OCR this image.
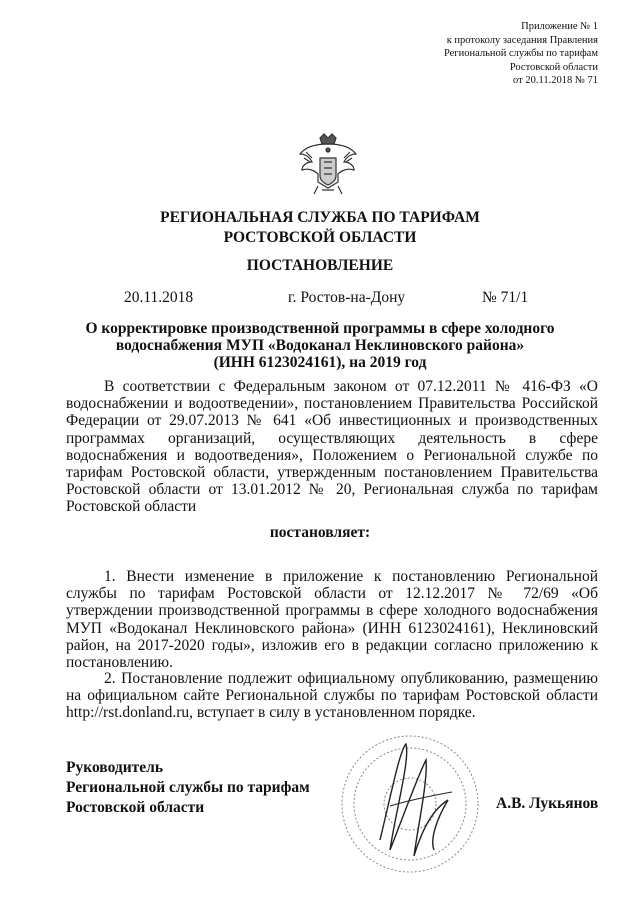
Приложение № 1
к протоколу заседания Правления
Региональной службы по тарифам
Ростовской области
от 20.11.2018 № 71
РЕГИОНАЛЬНАЯ СЛУЖБА ПО ТАРИФАМ
РОСТОВСКОЙ ОБЛАСТИ
ПОСТАНОВЛЕНИЕ
20.11.2018	г. Ростов-на-Дону	№ 71/1
О корректировке производственной программы в сфере холодного
водоснабжения МУП «Водоканал Неклиновского района»
(ИНН 6123024161), на 2019 год
В соответствии с Федеральным законом от 07.12.2011 № 416-ФЗ «О водоснабжении и водоотведении», постановлением Правительства Российской Федерации от 29.07.2013 № 641 «Об инвестиционных и производственных программах организаций, осуществляющих деятельность в сфере водоснабжения и водоотведения», Положением о Региональной службе по тарифам Ростовской области, утвержденным постановлением Правительства Ростовской области от 13.01.2012 № 20, Региональная служба по тарифам Ростовской области
постановляет:
1. Внести изменение в приложение к постановлению Региональной службы по тарифам Ростовской области от 12.12.2017 № 72/69 «Об утверждении производственной программы в сфере холодного водоснабжения МУП «Водоканал Неклиновского района» (ИНН 6123024161), Неклиновский район, на 2017-2020 годы», изложив его в редакции согласно приложению к постановлению.
2. Постановление подлежит официальному опубликованию, размещению на официальном сайте Региональной службы по тарифам Ростовской области http://rst.donland.ru, вступает в силу в установленном порядке.
Руководитель
Региональной службы по тарифам
Ростовской области	А.В. Лукьянов
